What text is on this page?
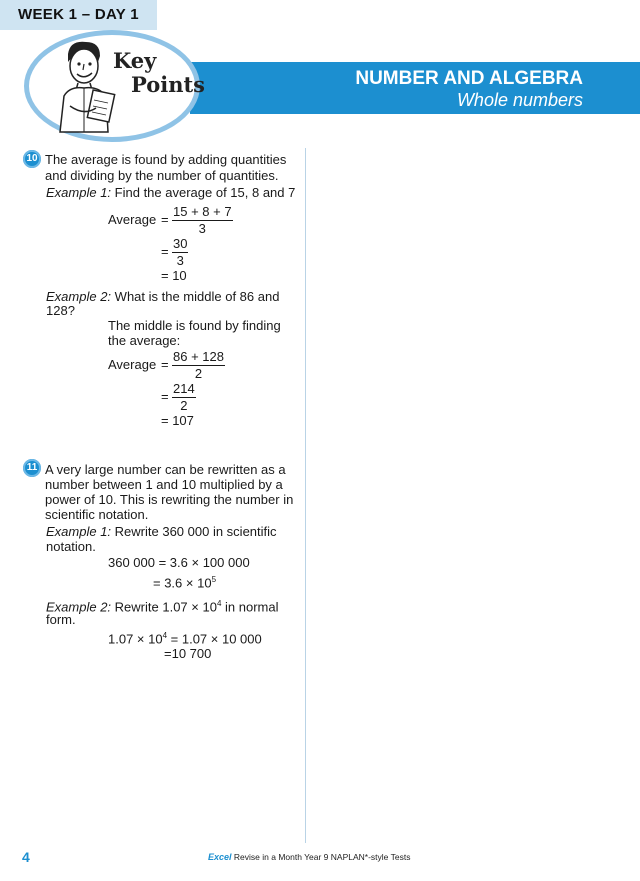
WEEK 1 – DAY 1
NUMBER AND ALGEBRA
Whole numbers
Key
Points
10 The average is found by adding quantities
and dividing by the number of quantities.
Example 1: Find the average of 15, 8 and 7
Average = $\frac{15 + 8 + 7}{3}$
= $\frac{30}{3}$
= 10
Example 2: What is the middle of 86 and
128?
The middle is found by finding
the average:
Average = $\frac{86 + 128}{2}$
= $\frac{214}{2}$
= 107
11 A very large number can be rewritten as a
number between 1 and 10 multiplied by a
power of 10. This is rewriting the number in
scientific notation.
Example 1: Rewrite 360 000 in scientific
notation.
360 000 = 3.6 × 100 000
= $3.6 \times 10^5$
Example 2: Rewrite $1.07 \times 10^4$ in normal
form.
$1.07 \times 10^4 = 1.07 \times 10$ 000
=10 700
4	Excel Revise in a Month Year 9 NAPLAN*-style Tests
